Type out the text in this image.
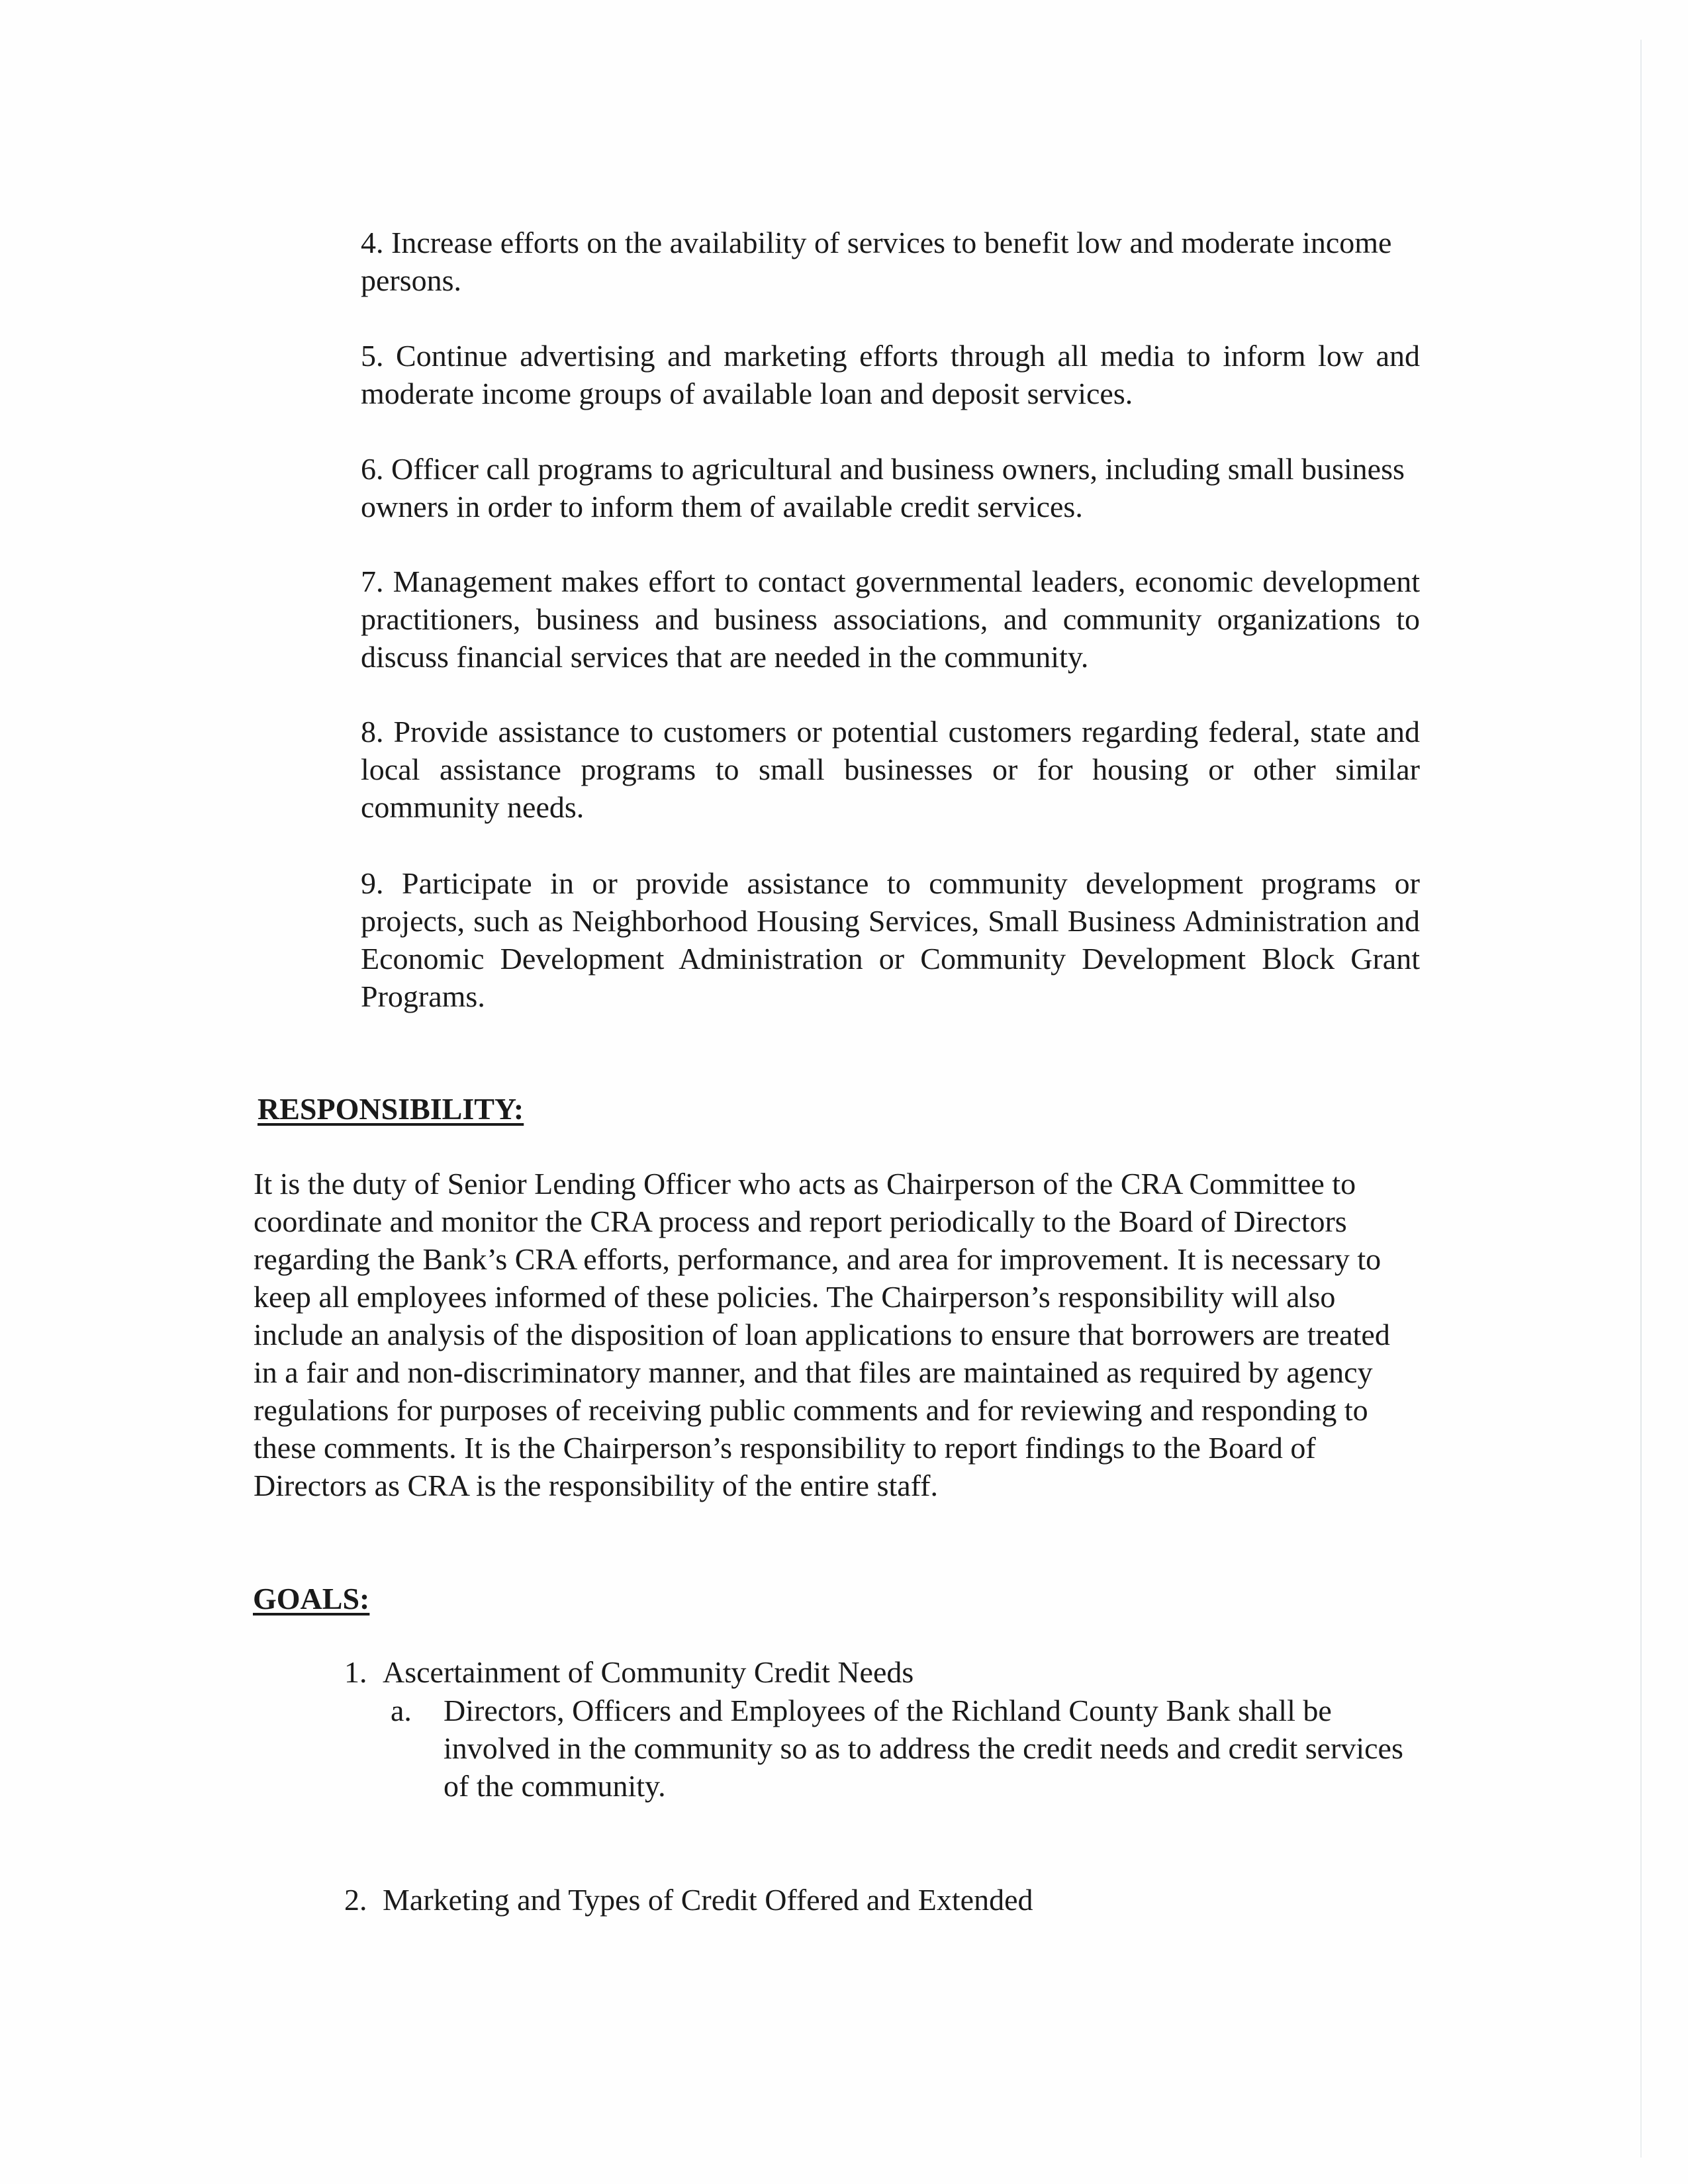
4. Increase efforts on the availability of services to benefit low and moderate income persons.

5. Continue advertising and marketing efforts through all media to inform low and moderate income groups of available loan and deposit services.

6. Officer call programs to agricultural and business owners, including small business owners in order to inform them of available credit services.

7. Management makes effort to contact governmental leaders, economic development practitioners, business and business associations, and community organizations to discuss financial services that are needed in the community.

8. Provide assistance to customers or potential customers regarding federal, state and local assistance programs to small businesses or for housing or other similar community needs.

9. Participate in or provide assistance to community development programs or projects, such as Neighborhood Housing Services, Small Business Administration and Economic Development Administration or Community Development Block Grant Programs.

RESPONSIBILITY:

It is the duty of Senior Lending Officer who acts as Chairperson of the CRA Committee to coordinate and monitor the CRA process and report periodically to the Board of Directors regarding the Bank’s CRA efforts, performance, and area for improvement. It is necessary to keep all employees informed of these policies. The Chairperson’s responsibility will also include an analysis of the disposition of loan applications to ensure that borrowers are treated in a fair and non-discriminatory manner, and that files are maintained as required by agency regulations for purposes of receiving public comments and for reviewing and responding to these comments. It is the Chairperson’s responsibility to report findings to the Board of Directors as CRA is the responsibility of the entire staff.

GOALS:

1. Ascertainment of Community Credit Needs

a. Directors, Officers and Employees of the Richland County Bank shall be involved in the community so as to address the credit needs and credit services of the community.

2. Marketing and Types of Credit Offered and Extended
